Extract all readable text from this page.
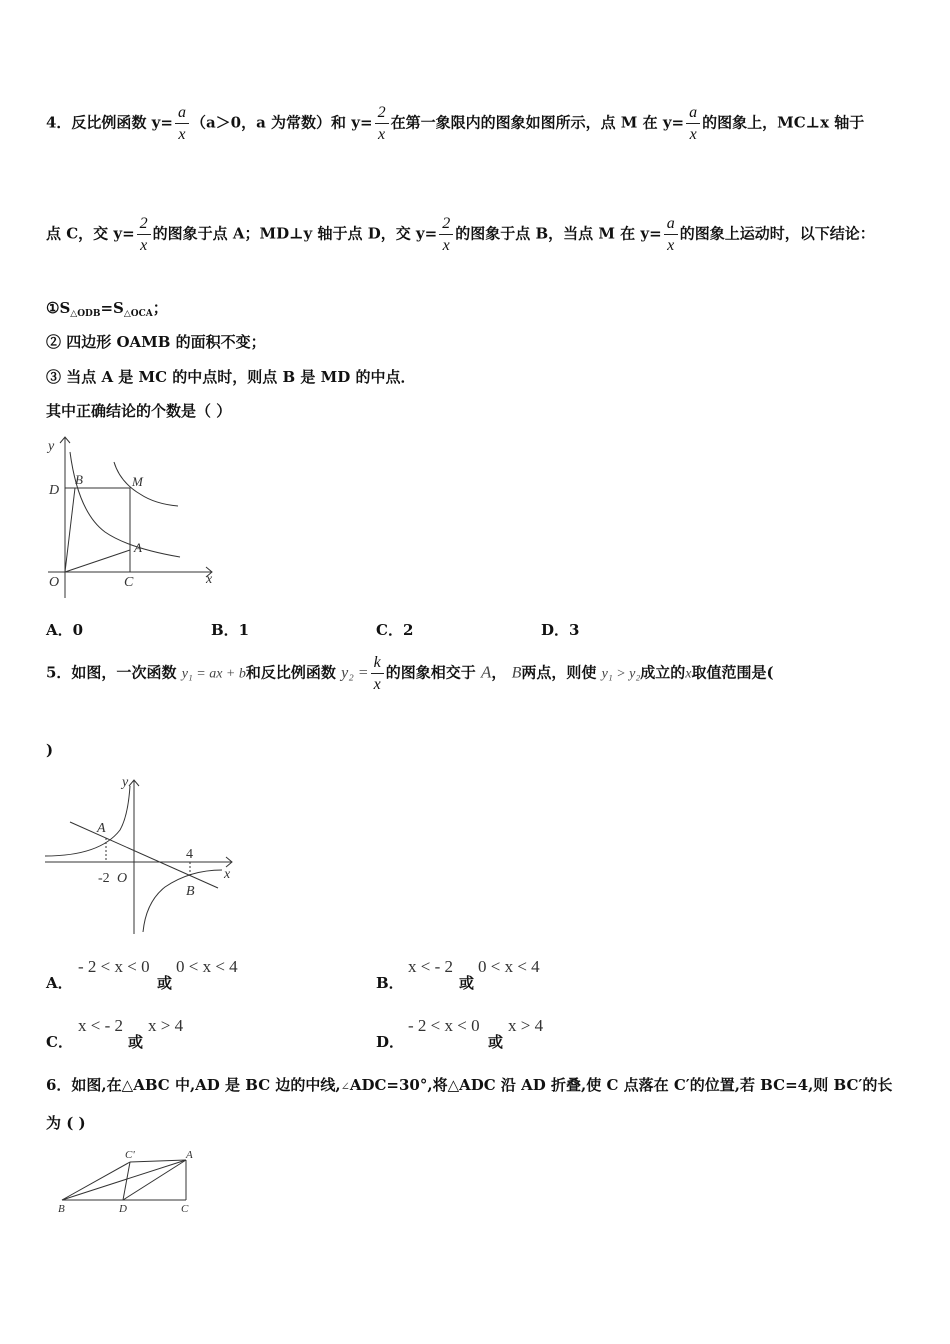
4．反比例函数 $y= \frac{a}{x} (a>0$，a 为常数）和 $y= \frac{2}{x}$ 在第一象限内的图象如图所示，点 M 在 $y= \frac{a}{x}$ 的图象上，MC⊥x 轴于
点 C，交 $y= \frac{2}{x}$ 的图象于点 A；MD⊥y 轴于点 D，交 $y= \frac{2}{x}$ 的图象于点 B，当点 M 在 $y= \frac{a}{x}$ 的图象上运动时，以下结论：
$①S_{\triangle ODB}=S_{\triangle OCA}$；
② 四边形 OAMB 的面积不变；
③ 当点 A 是 MC 的中点时，则点 B 是 MD 的中点．
其中正确结论的个数是（ ）
y
x
B	M
D
A
O	C
A．0	B．1	C．2	D．3
5．如图，一次函数 y₁ = ax + b和反比例函数 $y_2 = \frac{k}{x}$ 的图象相交于 A， B两点，则使 y₁ > y₂成立的x取值范围是(
)
y
x
A
B
-2 O
4
A．
- 2 < x < 0
或
0 < x < 4
B．
x < - 2
或
0 < x < 4
C．
x < - 2
或
x > 4
D．
- 2 < x < 0
或
x > 4
6．如图,在△ABC 中,AD 是 BC 边的中线,∠ADC=30°,将△ADC 沿 AD 折叠,使 C 点落在 C′的位置,若 BC=4,则 BC′的长
为 ( )
C'	A
B	D	C
